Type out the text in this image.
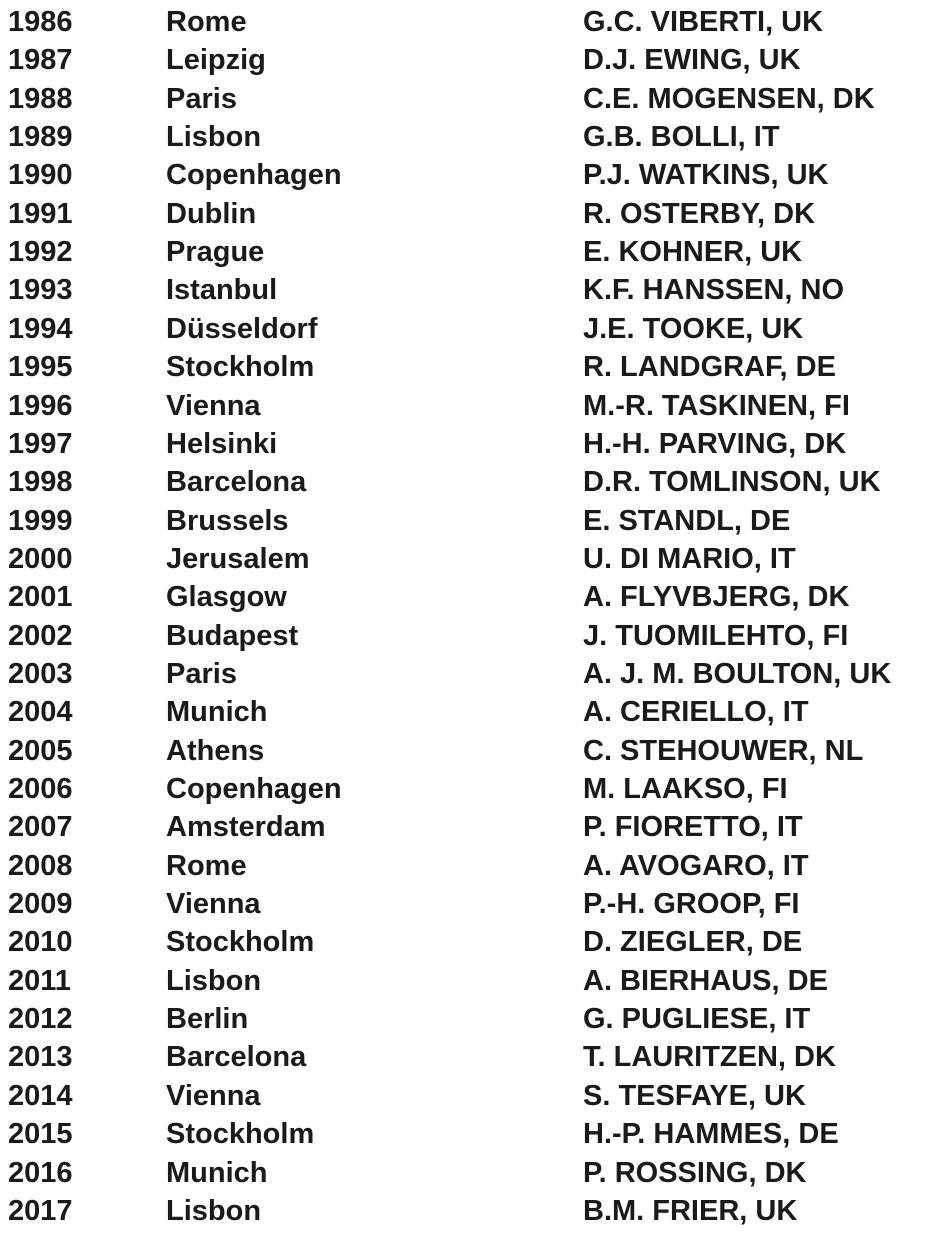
1986	Rome	G.C. VIBERTI, UK
1987	Leipzig	D.J. EWING, UK
1988	Paris	C.E. MOGENSEN, DK
1989	Lisbon	G.B. BOLLI, IT
1990	Copenhagen	P.J. WATKINS, UK
1991	Dublin	R. OSTERBY, DK
1992	Prague	E. KOHNER, UK
1993	Istanbul	K.F. HANSSEN, NO
1994	Düsseldorf	J.E. TOOKE, UK
1995	Stockholm	R. LANDGRAF, DE
1996	Vienna	M.-R. TASKINEN, FI
1997	Helsinki	H.-H. PARVING, DK
1998	Barcelona	D.R. TOMLINSON, UK
1999	Brussels	E. STANDL, DE
2000	Jerusalem	U. DI MARIO, IT
2001	Glasgow	A. FLYVBJERG, DK
2002	Budapest	J. TUOMILEHTO, FI
2003	Paris	A. J. M. BOULTON, UK
2004	Munich	A. CERIELLO, IT
2005	Athens	C. STEHOUWER, NL
2006	Copenhagen	M. LAAKSO, FI
2007	Amsterdam	P. FIORETTO, IT
2008	Rome	A. AVOGARO, IT
2009	Vienna	P.-H. GROOP, FI
2010	Stockholm	D. ZIEGLER, DE
2011	Lisbon	A. BIERHAUS, DE
2012	Berlin	G. PUGLIESE, IT
2013	Barcelona	T. LAURITZEN, DK
2014	Vienna	S. TESFAYE, UK
2015	Stockholm	H.-P. HAMMES, DE
2016	Munich	P. ROSSING, DK
2017	Lisbon	B.M. FRIER, UK
